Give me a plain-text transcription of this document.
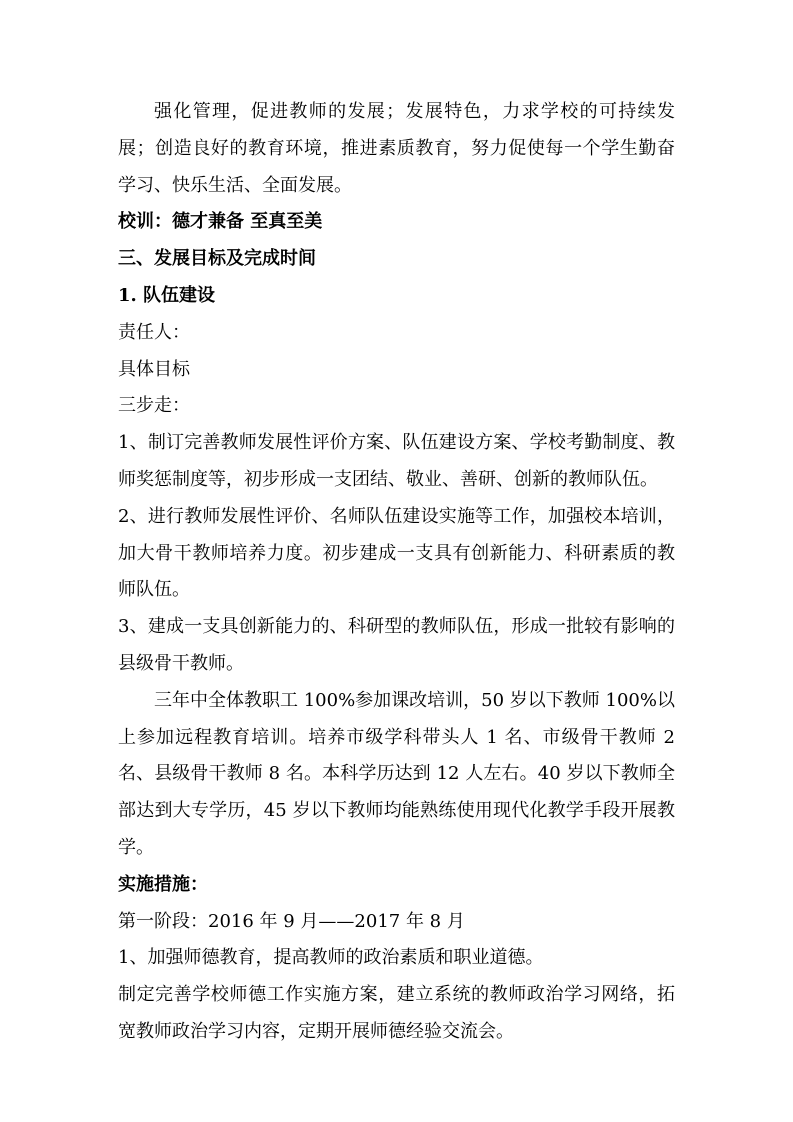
强化管理，促进教师的发展；发展特色，力求学校的可持续发展；创造良好的教育环境，推进素质教育，努力促使每一个学生勤奋学习、快乐生活、全面发展。

校训：德才兼备 至真至美

三、发展目标及完成时间

1. 队伍建设

责任人：

具体目标

三步走：

1、制订完善教师发展性评价方案、队伍建设方案、学校考勤制度、教师奖惩制度等，初步形成一支团结、敬业、善研、创新的教师队伍。

2、进行教师发展性评价、名师队伍建设实施等工作，加强校本培训，加大骨干教师培养力度。初步建成一支具有创新能力、科研素质的教师队伍。

3、建成一支具创新能力的、科研型的教师队伍，形成一批较有影响的县级骨干教师。

三年中全体教职工 100%参加课改培训，50 岁以下教师 100%以上参加远程教育培训。培养市级学科带头人 1 名、市级骨干教师 2 名、县级骨干教师 8 名。本科学历达到 12 人左右。40 岁以下教师全部达到大专学历，45 岁以下教师均能熟练使用现代化教学手段开展教学。

实施措施：

第一阶段：2016 年 9 月——2017 年 8 月

1、加强师德教育，提高教师的政治素质和职业道德。

制定完善学校师德工作实施方案，建立系统的教师政治学习网络，拓宽教师政治学习内容，定期开展师德经验交流会。
